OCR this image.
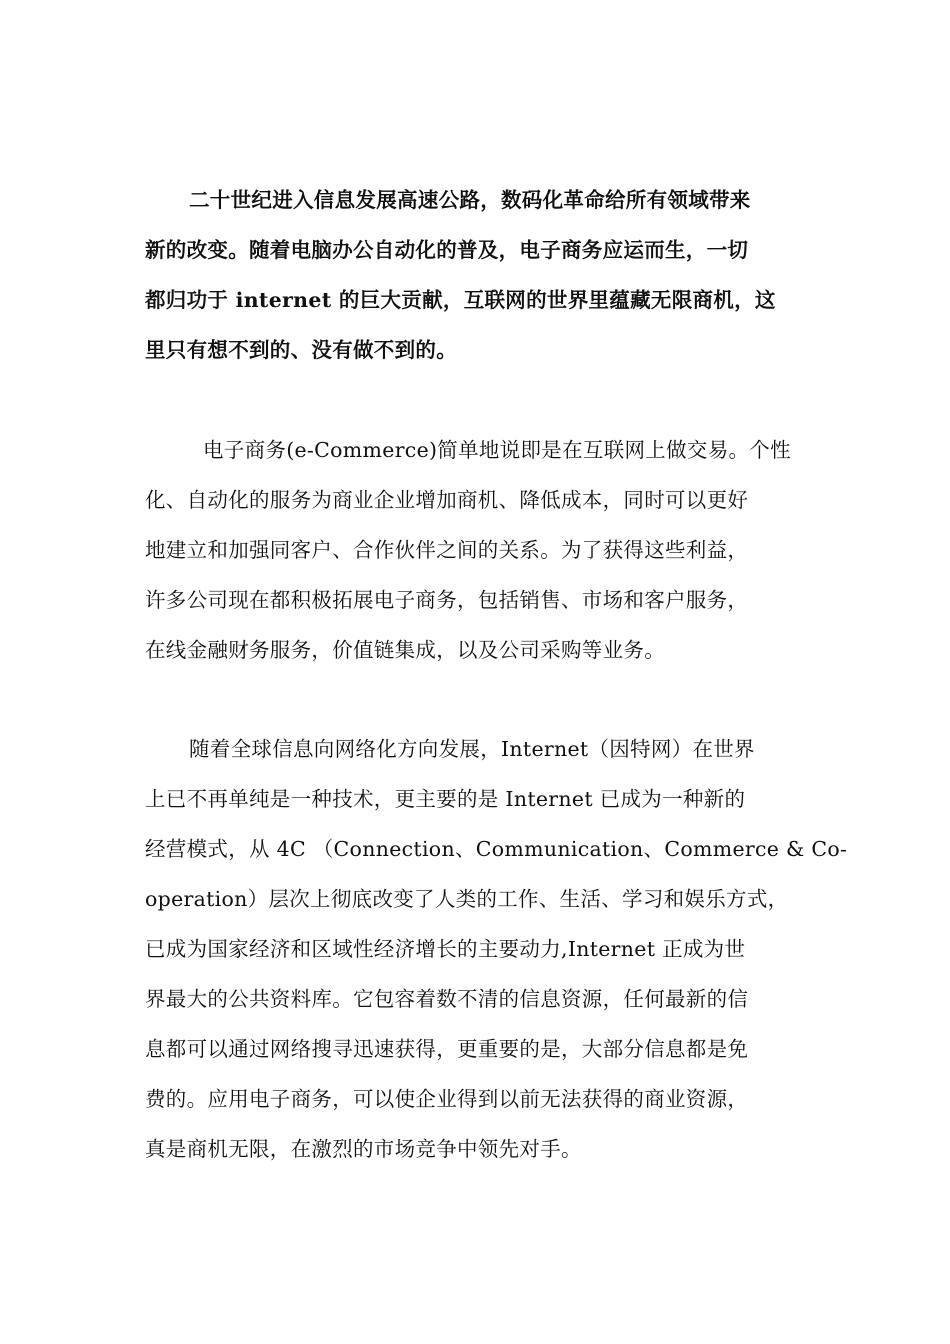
二十世纪进入信息发展高速公路，数码化革命给所有领域带来
新的改变。随着电脑办公自动化的普及，电子商务应运而生，一切
都归功于 internet 的巨大贡献，互联网的世界里蕴藏无限商机，这
里只有想不到的、没有做不到的。
电子商务(e-Commerce)简单地说即是在互联网上做交易。个性
化、自动化的服务为商业企业增加商机、降低成本，同时可以更好
地建立和加强同客户、合作伙伴之间的关系。为了获得这些利益，
许多公司现在都积极拓展电子商务，包括销售、市场和客户服务，
在线金融财务服务，价值链集成，以及公司采购等业务。
随着全球信息向网络化方向发展，Internet（因特网）在世界
上已不再单纯是一种技术，更主要的是 Internet 已成为一种新的
经营模式，从 4C （Connection、Communication、Commerce & Co-
operation）层次上彻底改变了人类的工作、生活、学习和娱乐方式，
已成为国家经济和区域性经济增长的主要动力,Internet 正成为世
界最大的公共资料库。它包容着数不清的信息资源，任何最新的信
息都可以通过网络搜寻迅速获得，更重要的是，大部分信息都是免
费的。应用电子商务，可以使企业得到以前无法获得的商业资源，
真是商机无限，在激烈的市场竞争中领先对手。
